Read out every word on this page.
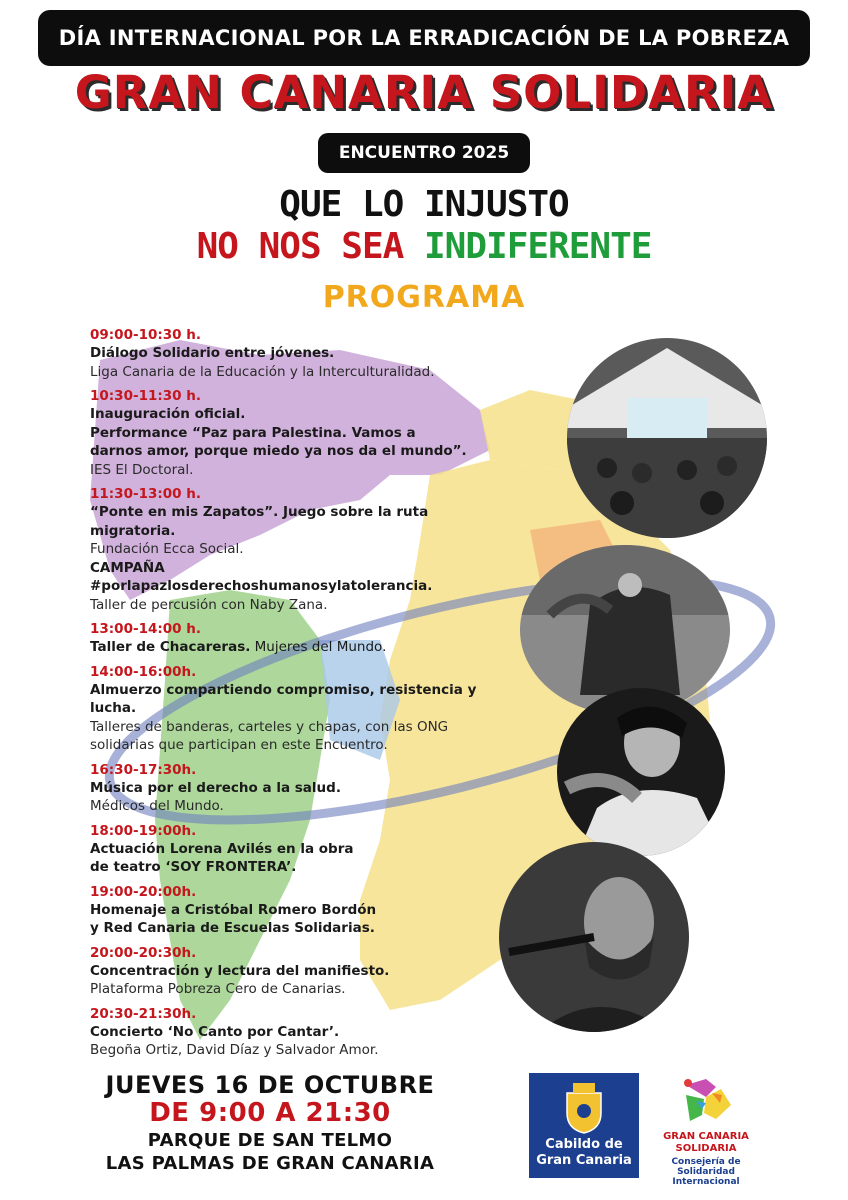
DÍA INTERNACIONAL POR LA ERRADICACIÓN DE LA POBREZA
GRAN CANARIA SOLIDARIA
ENCUENTRO 2025
QUE LO INJUSTO
NO NOS SEA INDIFERENTE
PROGRAMA
09:00-10:30 h.
Diálogo Solidario entre jóvenes.
Liga Canaria de la Educación y la Interculturalidad.
10:30-11:30 h.
Inauguración oficial.
Performance “Paz para Palestina. Vamos a
darnos amor, porque miedo ya nos da el mundo”.
IES El Doctoral.
11:30-13:00 h.
“Ponte en mis Zapatos”. Juego sobre la ruta migratoria.
Fundación Ecca Social.
CAMPAÑA #porlapazlosderechoshumanosylatolerancia.
Taller de percusión con Naby Zana.
13:00-14:00 h.
Taller de Chacareras. Mujeres del Mundo.
14:00-16:00h.
Almuerzo compartiendo compromiso, resistencia y
lucha.
Talleres de banderas, carteles y chapas, con las ONG
solidarias que participan en este Encuentro.
16:30-17:30h.
Música por el derecho a la salud.
Médicos del Mundo.
18:00-19:00h.
Actuación Lorena Avilés en la obra
de teatro ‘SOY FRONTERA’.
19:00-20:00h.
Homenaje a Cristóbal Romero Bordón
y Red Canaria de Escuelas Solidarias.
20:00-20:30h.
Concentración y lectura del manifiesto.
Plataforma Pobreza Cero de Canarias.
20:30-21:30h.
Concierto ‘No Canto por Cantar’.
Begoña Ortiz, David Díaz y Salvador Amor.
JUEVES 16 DE OCTUBRE
DE 9:00 A 21:30
PARQUE DE SAN TELMO
LAS PALMAS DE GRAN CANARIA
Cabildo de
Gran Canaria
GRAN CANARIA
SOLIDARIA
Consejería de
Solidaridad Internacional
